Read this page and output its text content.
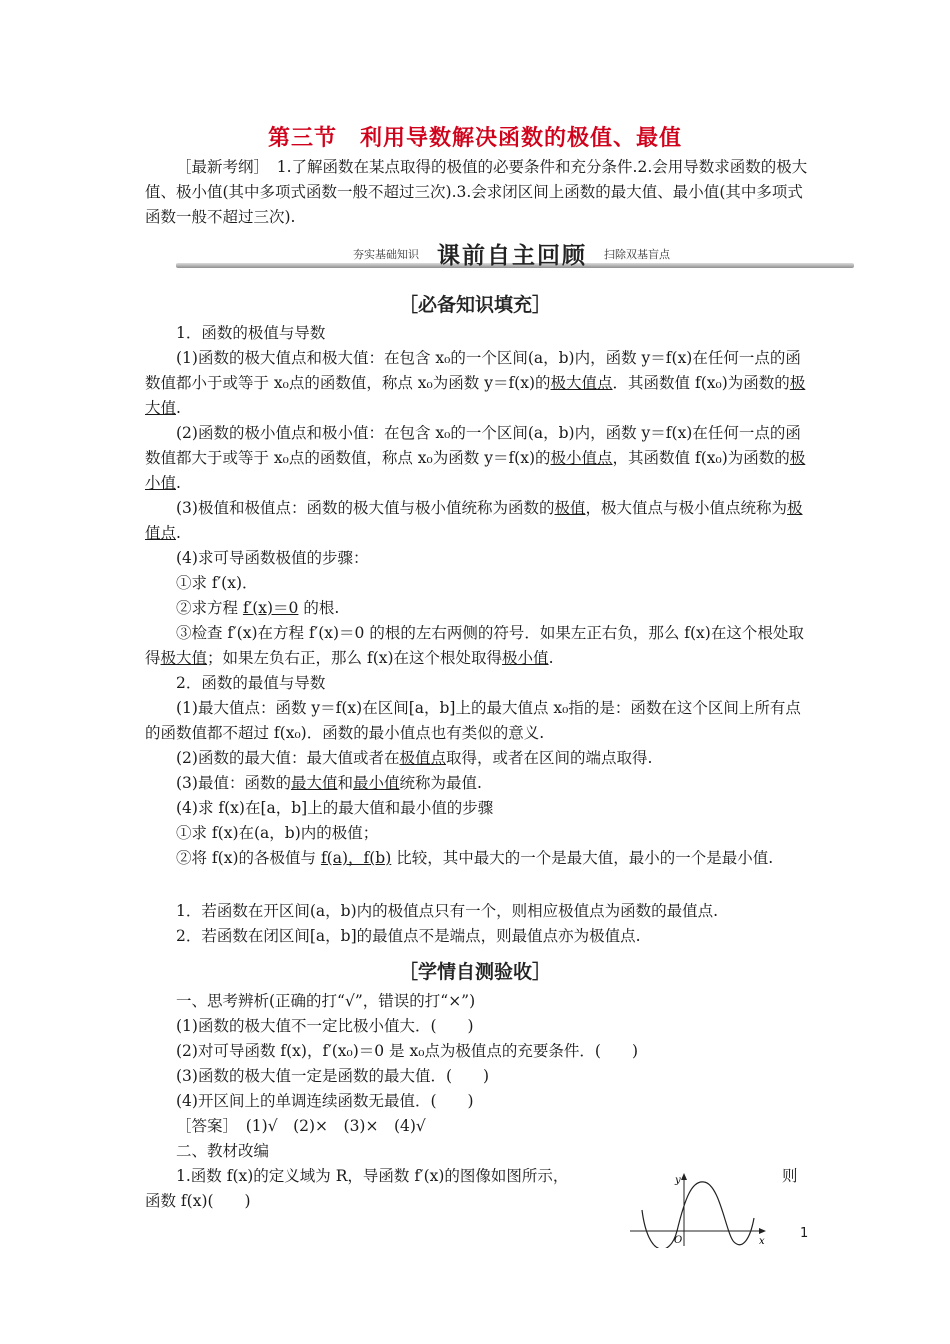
第三节　利用导数解决函数的极值、最值
［最新考纲］　1.了解函数在某点取得的极值的必要条件和充分条件.2.会用导数求函数的极大值、极小值(其中多项式函数一般不超过三次).3.会求闭区间上函数的最大值、最小值(其中多项式函数一般不超过三次).
夯实基础知识 课前自主回顾 扫除双基盲点
［必备知识填充］
1．函数的极值与导数
(1)函数的极大值点和极大值：在包含 x₀的一个区间(a，b)内，函数 y＝f(x)在任何一点的函数值都小于或等于 x₀点的函数值，称点 x₀为函数 y＝f(x)的极大值点．其函数值 f(x₀)为函数的极大值.
(2)函数的极小值点和极小值：在包含 x₀的一个区间(a，b)内，函数 y＝f(x)在任何一点的函数值都大于或等于 x₀点的函数值，称点 x₀为函数 y＝f(x)的极小值点，其函数值 f(x₀)为函数的极小值.
(3)极值和极值点：函数的极大值与极小值统称为函数的极值，极大值点与极小值点统称为极值点.
(4)求可导函数极值的步骤：
①求 f′(x)．
②求方程 f′(x)＝0 的根.
③检查 f′(x)在方程 f′(x)＝0 的根的左右两侧的符号．如果左正右负，那么 f(x)在这个根处取得极大值；如果左负右正，那么 f(x)在这个根处取得极小值.
2．函数的最值与导数
(1)最大值点：函数 y＝f(x)在区间[a，b]上的最大值点 x₀指的是：函数在这个区间上所有点的函数值都不超过 f(x₀)．函数的最小值点也有类似的意义.
(2)函数的最大值：最大值或者在极值点取得，或者在区间的端点取得.
(3)最值：函数的最大值和最小值统称为最值.
(4)求 f(x)在[a，b]上的最大值和最小值的步骤
①求 f(x)在(a，b)内的极值；
②将 f(x)的各极值与 f(a)，f(b) 比较，其中最大的一个是最大值，最小的一个是最小值.
1．若函数在开区间(a，b)内的极值点只有一个，则相应极值点为函数的最值点.
2．若函数在闭区间[a，b]的最值点不是端点，则最值点亦为极值点.
［学情自测验收］
一、思考辨析(正确的打“√”，错误的打“×”)
(1)函数的极大值不一定比极小值大．(　　)
(2)对可导函数 f(x)，f′(x₀)＝0 是 x₀点为极值点的充要条件．(　　)
(3)函数的极大值一定是函数的最大值．(　　)
(4)开区间上的单调连续函数无最值．(　　)
［答案］　(1)√　(2)×　(3)×　(4)√
二、教材改编
1.函数 f(x)的定义域为 R，导函数 f′(x)的图像如图所示，	则
函数 f(x)(　　)
y
x
O	1
